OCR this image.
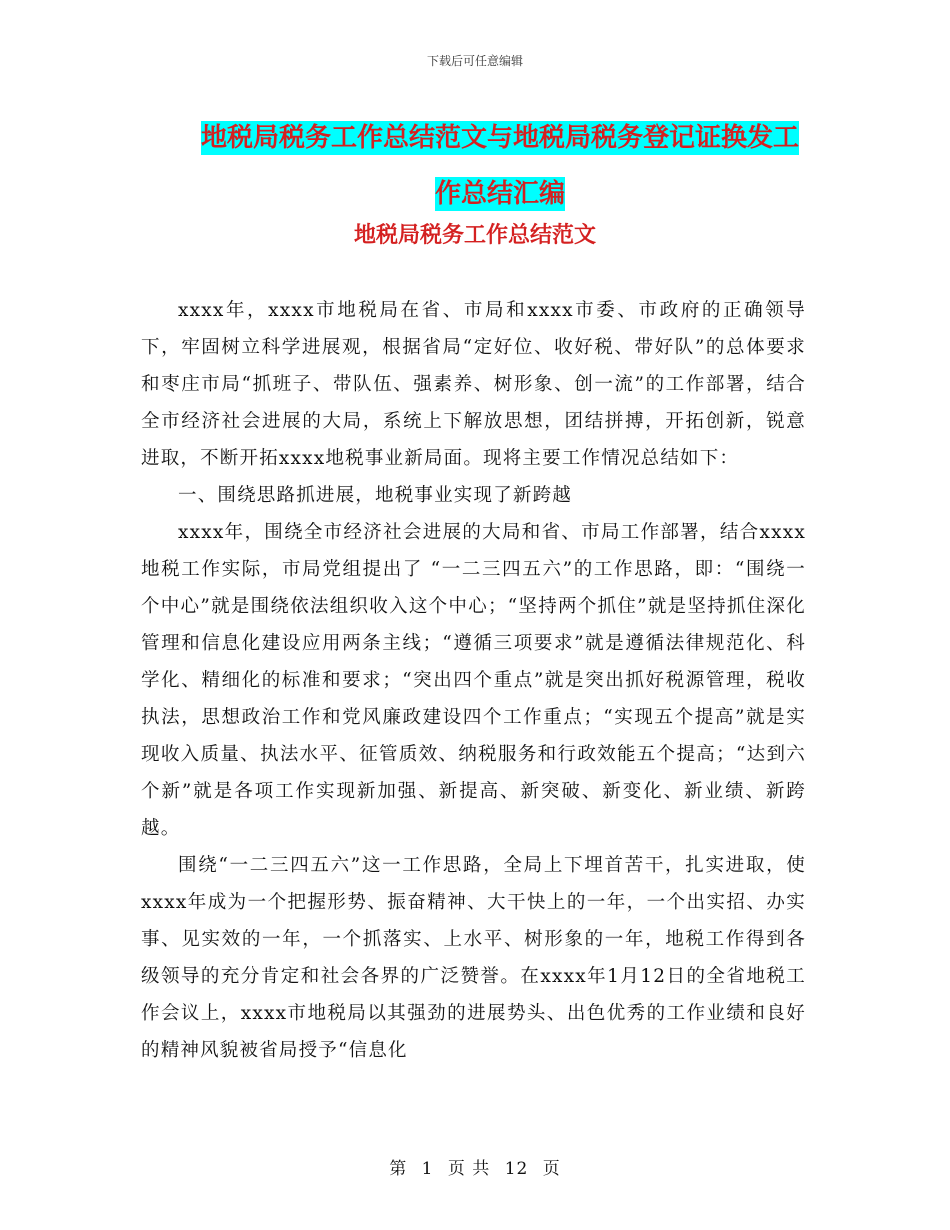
下载后可任意编辑
地税局税务工作总结范文与地税局税务登记证换发工
作总结汇编
地税局税务工作总结范文

xxxx年，xxxx市地税局在省、市局和xxxx市委、市政府的正确领导下，牢固树立科学进展观，根据省局“定好位、收好税、带好队”的总体要求和枣庄市局“抓班子、带队伍、强素养、树形象、创一流”的工作部署，结合全市经济社会进展的大局，系统上下解放思想，团结拼搏，开拓创新，锐意进取，不断开拓xxxx地税事业新局面。现将主要工作情况总结如下：

一、围绕思路抓进展，地税事业实现了新跨越

xxxx年，围绕全市经济社会进展的大局和省、市局工作部署，结合xxxx地税工作实际，市局党组提出了 “一二三四五六”的工作思路，即：“围绕一个中心”就是围绕依法组织收入这个中心；“坚持两个抓住”就是坚持抓住深化管理和信息化建设应用两条主线；“遵循三项要求”就是遵循法律规范化、科学化、精细化的标准和要求；“突出四个重点”就是突出抓好税源管理，税收执法，思想政治工作和党风廉政建设四个工作重点；“实现五个提高”就是实现收入质量、执法水平、征管质效、纳税服务和行政效能五个提高；“达到六个新”就是各项工作实现新加强、新提高、新突破、新变化、新业绩、新跨越。

围绕“一二三四五六”这一工作思路，全局上下埋首苦干，扎实进取，使xxxx年成为一个把握形势、振奋精神、大干快上的一年，一个出实招、办实事、见实效的一年，一个抓落实、上水平、树形象的一年，地税工作得到各级领导的充分肯定和社会各界的广泛赞誉。在xxxx年1月12日的全省地税工作会议上，xxxx市地税局以其强劲的进展势头、出色优秀的工作业绩和良好的精神风貌被省局授予“信息化

第 1 页 共 12 页
